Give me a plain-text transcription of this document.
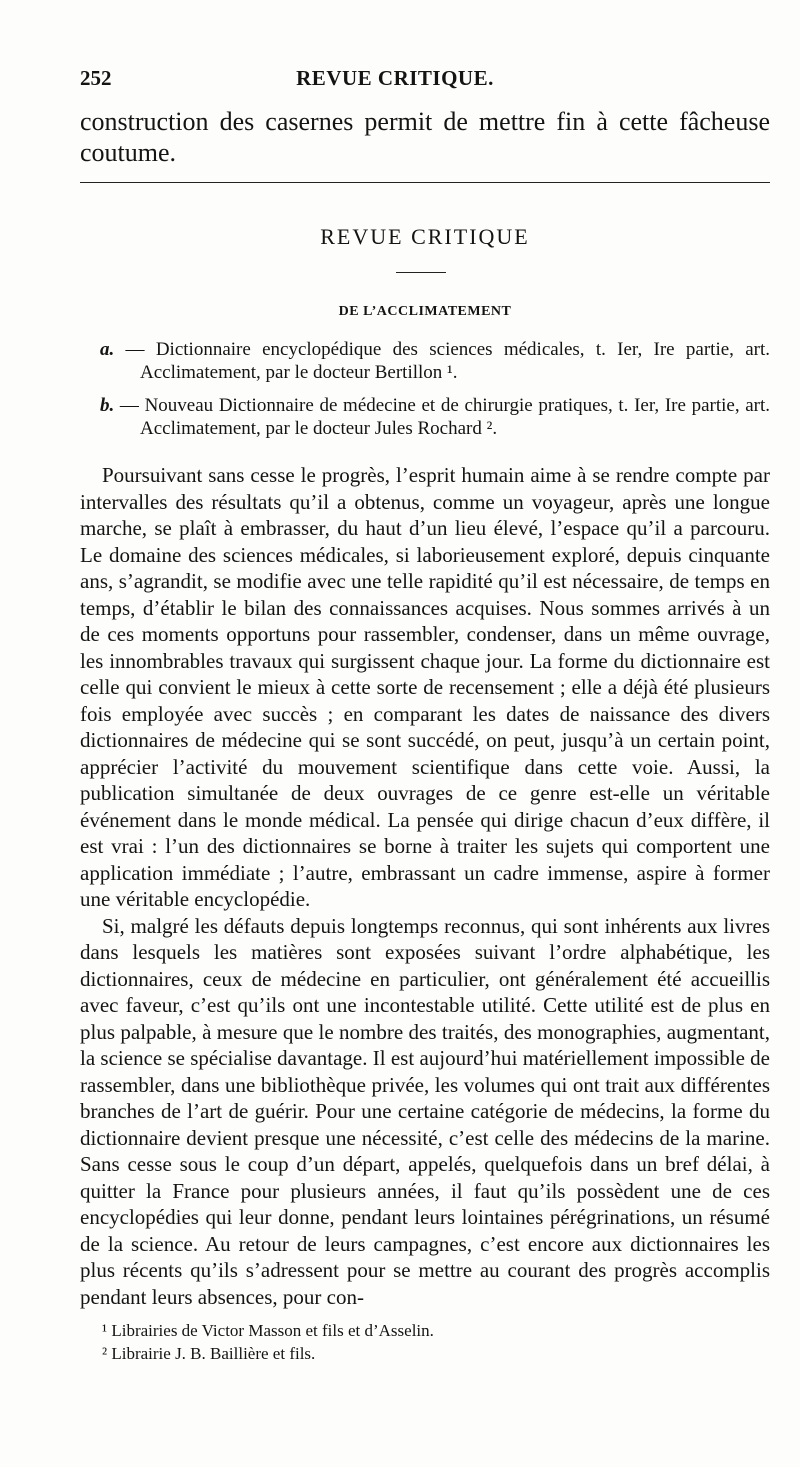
252	REVUE CRITIQUE.
construction des casernes permit de mettre fin à cette fâcheuse coutume.
REVUE CRITIQUE
DE L’ACCLIMATEMENT
a. — Dictionnaire encyclopédique des sciences médicales, t. Ier, Ire partie, art. Acclimatement, par le docteur Bertillon ¹.
b. — Nouveau Dictionnaire de médecine et de chirurgie pratiques, t. Ier, Ire partie, art. Acclimatement, par le docteur Jules Rochard ².

Poursuivant sans cesse le progrès, l’esprit humain aime à se rendre compte par intervalles des résultats qu’il a obtenus, comme un voyageur, après une longue marche, se plaît à embrasser, du haut d’un lieu élevé, l’espace qu’il a parcouru. Le domaine des sciences médicales, si laborieusement exploré, depuis cinquante ans, s’agrandit, se modifie avec une telle rapidité qu’il est nécessaire, de temps en temps, d’établir le bilan des connaissances acquises. Nous sommes arrivés à un de ces moments opportuns pour rassembler, condenser, dans un même ouvrage, les innombrables travaux qui surgissent chaque jour. La forme du dictionnaire est celle qui convient le mieux à cette sorte de recensement ; elle a déjà été plusieurs fois employée avec succès ; en comparant les dates de naissance des divers dictionnaires de médecine qui se sont succédé, on peut, jusqu’à un certain point, apprécier l’activité du mouvement scientifique dans cette voie. Aussi, la publication simultanée de deux ouvrages de ce genre est-elle un véritable événement dans le monde médical. La pensée qui dirige chacun d’eux diffère, il est vrai : l’un des dictionnaires se borne à traiter les sujets qui comportent une application immédiate ; l’autre, embrassant un cadre immense, aspire à former une véritable encyclopédie.

Si, malgré les défauts depuis longtemps reconnus, qui sont inhérents aux livres dans lesquels les matières sont exposées suivant l’ordre alphabétique, les dictionnaires, ceux de médecine en particulier, ont généralement été accueillis avec faveur, c’est qu’ils ont une incontestable utilité. Cette utilité est de plus en plus palpable, à mesure que le nombre des traités, des monographies, augmentant, la science se spécialise davantage. Il est aujourd’hui matériellement impossible de rassembler, dans une bibliothèque privée, les volumes qui ont trait aux différentes branches de l’art de guérir. Pour une certaine catégorie de médecins, la forme du dictionnaire devient presque une nécessité, c’est celle des médecins de la marine. Sans cesse sous le coup d’un départ, appelés, quelquefois dans un bref délai, à quitter la France pour plusieurs années, il faut qu’ils possèdent une de ces encyclopédies qui leur donne, pendant leurs lointaines pérégrinations, un résumé de la science. Au retour de leurs campagnes, c’est encore aux dictionnaires les plus récents qu’ils s’adressent pour se mettre au courant des progrès accomplis pendant leurs absences, pour con-

¹ Librairies de Victor Masson et fils et d’Asselin.
² Librairie J. B. Baillière et fils.
